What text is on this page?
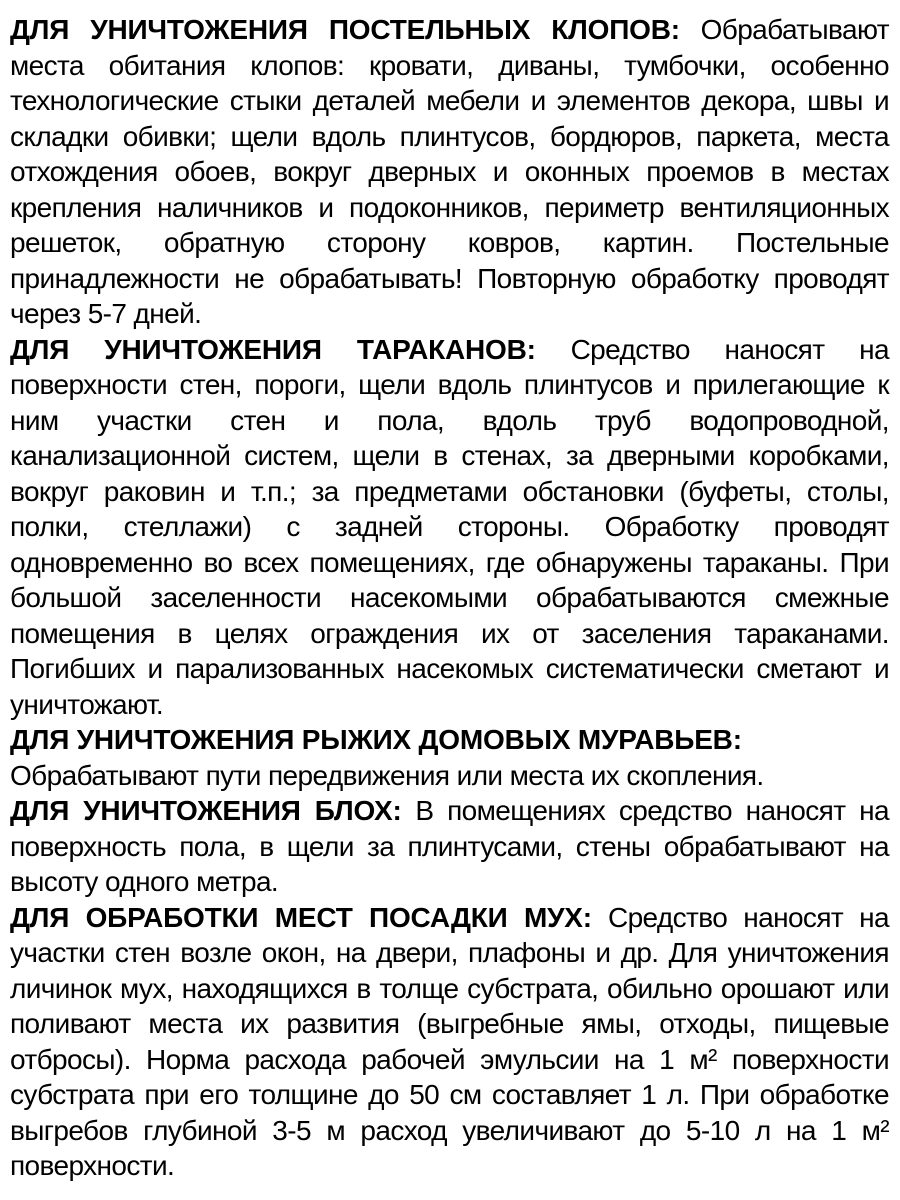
ДЛЯ УНИЧТОЖЕНИЯ ПОСТЕЛЬНЫХ КЛОПОВ: Обрабатывают места обитания клопов: кровати, диваны, тумбочки, особенно технологические стыки деталей мебели и элементов декора, швы и складки обивки; щели вдоль плинтусов, бордюров, паркета, места отхождения обоев, вокруг дверных и оконных проемов в местах крепления наличников и подоконников, периметр вентиляционных решеток, обратную сторону ковров, картин. Постельные принадлежности не обрабатывать! Повторную обработку проводят через 5-7 дней.

ДЛЯ УНИЧТОЖЕНИЯ ТАРАКАНОВ: Средство наносят на поверхности стен, пороги, щели вдоль плинтусов и прилегающие к ним участки стен и пола, вдоль труб водопроводной, канализационной систем, щели в стенах, за дверными коробками, вокруг раковин и т.п.; за предметами обстановки (буфеты, столы, полки, стеллажи) с задней стороны. Обработку проводят одновременно во всех помещениях, где обнаружены тараканы. При большой заселенности насекомыми обрабатываются смежные помещения в целях ограждения их от заселения тараканами. Погибших и парализованных насекомых систематически сметают и уничтожают.

ДЛЯ УНИЧТОЖЕНИЯ РЫЖИХ ДОМОВЫХ МУРАВЬЕВ:
Обрабатывают пути передвижения или места их скопления.

ДЛЯ УНИЧТОЖЕНИЯ БЛОХ: В помещениях средство наносят на поверхность пола, в щели за плинтусами, стены обрабатывают на высоту одного метра.

ДЛЯ ОБРАБОТКИ МЕСТ ПОСАДКИ МУХ: Средство наносят на участки стен возле окон, на двери, плафоны и др. Для уничтожения личинок мух, находящихся в толще субстрата, обильно орошают или поливают места их развития (выгребные ямы, отходы, пищевые отбросы). Норма расхода рабочей эмульсии на 1 м² поверхности субстрата при его толщине до 50 см составляет 1 л. При обработке выгребов глубиной 3-5 м расход увеличивают до 5-10 л на 1 м² поверхности.
